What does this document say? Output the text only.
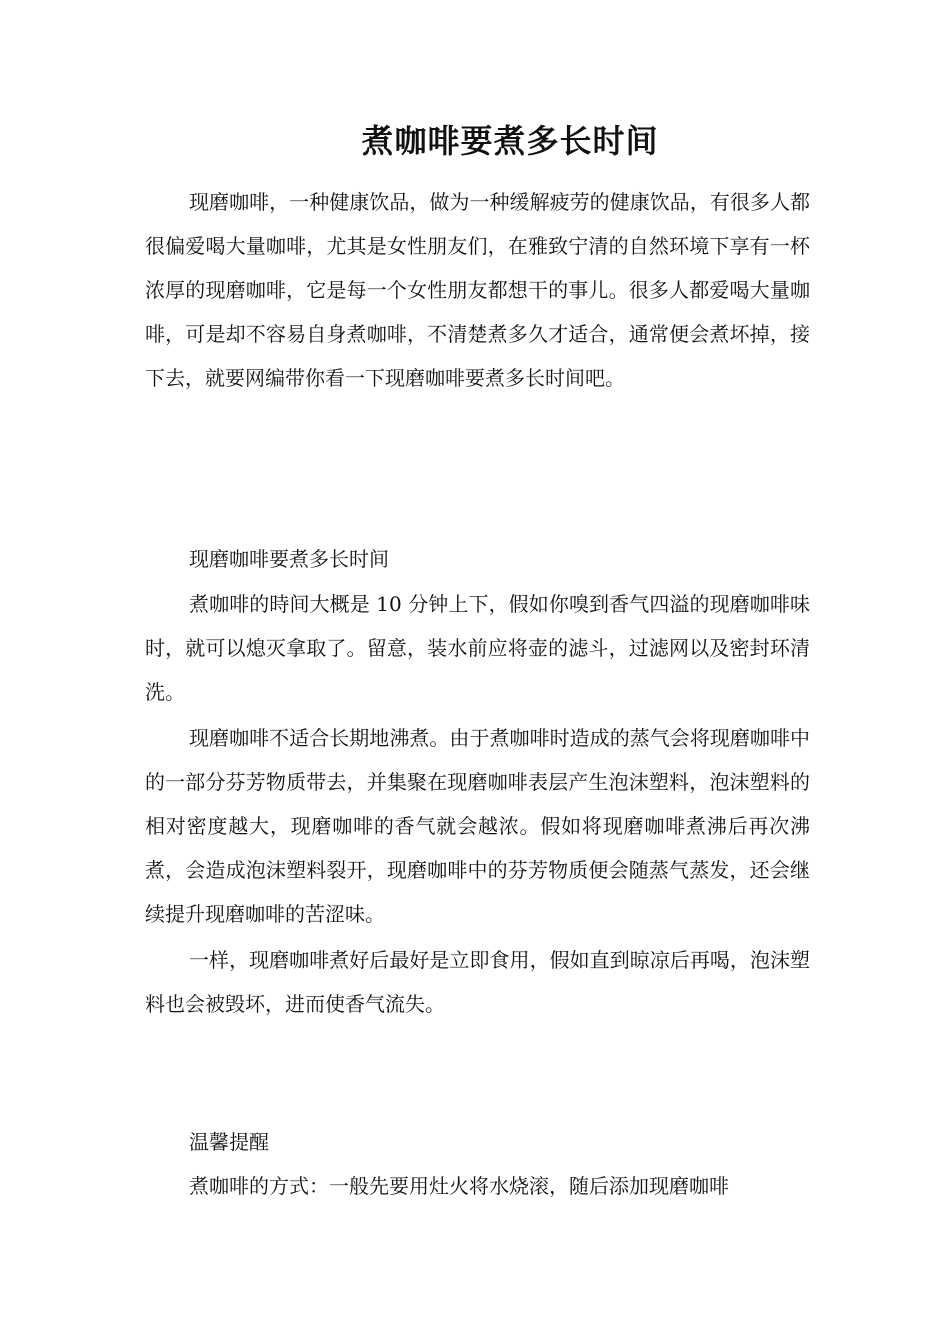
煮咖啡要煮多长时间

现磨咖啡，一种健康饮品，做为一种缓解疲劳的健康饮品，有很多人都很偏爱喝大量咖啡，尤其是女性朋友们，在雅致宁清的自然环境下享有一杯浓厚的现磨咖啡，它是每一个女性朋友都想干的事儿。很多人都爱喝大量咖啡，可是却不容易自身煮咖啡，不清楚煮多久才适合，通常便会煮坏掉，接下去，就要网编带你看一下现磨咖啡要煮多长时间吧。

现磨咖啡要煮多长时间

煮咖啡的時间大概是 10 分钟上下，假如你嗅到香气四溢的现磨咖啡味时，就可以熄灭拿取了。留意，装水前应将壶的滤斗，过滤网以及密封环清洗。

现磨咖啡不适合长期地沸煮。由于煮咖啡时造成的蒸气会将现磨咖啡中的一部分芬芳物质带去，并集聚在现磨咖啡表层产生泡沫塑料，泡沫塑料的相对密度越大，现磨咖啡的香气就会越浓。假如将现磨咖啡煮沸后再次沸煮，会造成泡沫塑料裂开，现磨咖啡中的芬芳物质便会随蒸气蒸发，还会继续提升现磨咖啡的苦涩味。

一样，现磨咖啡煮好后最好是立即食用，假如直到晾凉后再喝，泡沫塑料也会被毁坏，进而使香气流失。

温馨提醒

煮咖啡的方式：一般先要用灶火将水烧滚，随后添加现磨咖啡
